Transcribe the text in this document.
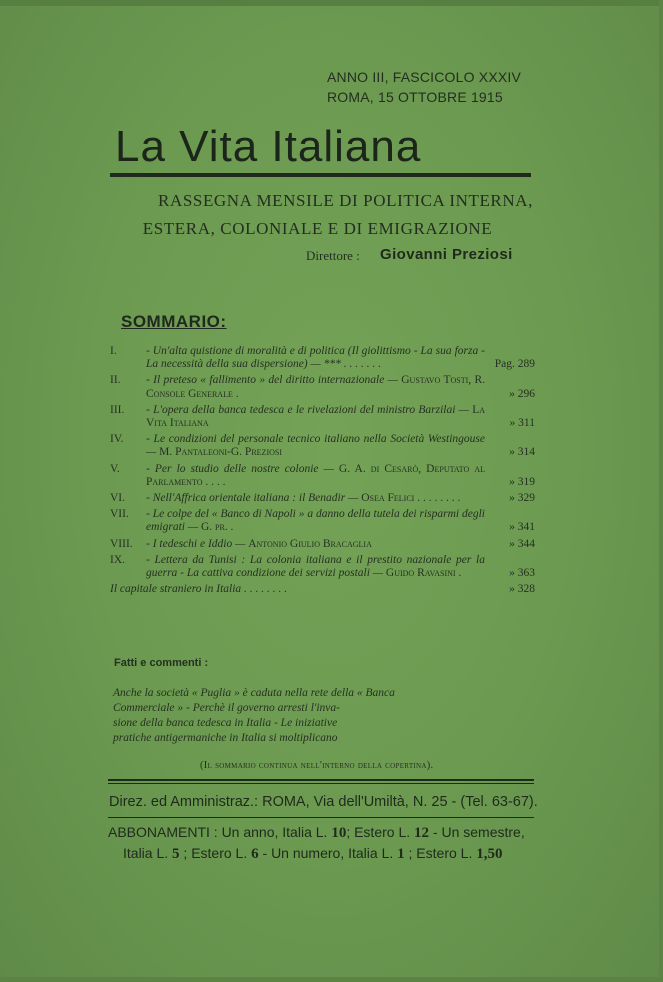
ANNO III, FASCICOLO XXXIV
ROMA, 15 OTTOBRE 1915
La Vita Italiana
RASSEGNA MENSILE DI POLITICA INTERNA,
ESTERA, COLONIALE E DI EMIGRAZIONE
Direttore : Giovanni Preziosi
SOMMARIO:
I.	- Un'alta quistione di moralità e di politica (Il giolittismo - La sua forza - La necessità della sua dispersione) — *** . . . . . . .	Pag. 289
II. - Il preteso « fallimento » del diritto internazionale — Gustavo Tosti, R. Console Generale .	» 296
III. - L'opera della banca tedesca e le rivelazioni del ministro Barzilai — La Vita Italiana	» 311
IV. - Le condizioni del personale tecnico italiano nella Società Westingouse — M. Pantaleoni-G. Preziosi	» 314
V. - Per lo studio delle nostre colonie — G. A. di Cesarò, Deputato al Parlamento . . . .	» 319
VI. - Nell'Affrica orientale italiana : il Benadir — Osea Felici . . . . . . . .	» 329
VII. - Le colpe del « Banco di Napoli » a danno della tutela dei risparmi degli emigrati — G. pr. .	» 341
VIII. - I tedeschi e Iddio — Antonio Giulio Bracaglia	» 344
IX. - Lettera da Tunisi : La colonia italiana e il prestito nazionale per la guerra - La cattiva condizione dei servizi postali — Guido Ravasini .	» 363
Il capitale straniero in Italia . . . . . . . .	» 328
Fatti e commenti :
Anche la società « Puglia » è caduta nella rete della « Banca
Commerciale » - Perchè il governo arresti l'inva-
sione della banca tedesca in Italia - Le iniziative
pratiche antigermaniche in Italia si moltiplicano
(Il sommario continua nell'interno della copertina).
Direz. ed Amministraz.: ROMA, Via dell'Umiltà, N. 25 - (Tel. 63-67).
ABBONAMENTI : Un anno, Italia L. 10; Estero L. 12 - Un semestre,
Italia L. 5 ; Estero L. 6 - Un numero, Italia L. 1 ; Estero L. 1,50
